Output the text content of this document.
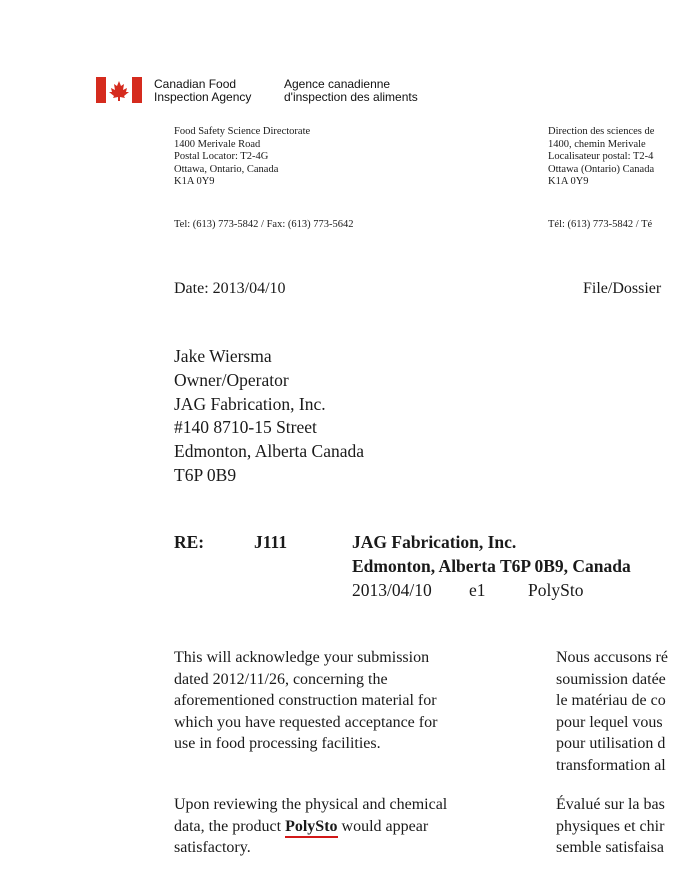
Canadian Food
Inspection Agency
Agence canadienne
d'inspection des aliments
Food Safety Science Directorate
1400 Merivale Road
Postal Locator: T2-4G
Ottawa, Ontario, Canada
K1A 0Y9
Tel: (613) 773-5842 / Fax: (613) 773-5642
Direction des sciences de
1400, chemin Merivale
Localisateur postal: T2-4
Ottawa (Ontario) Canada
K1A 0Y9
Tél: (613) 773-5842 / Té
Date: 2013/04/10	File/Dossier
Jake Wiersma
Owner/Operator
JAG Fabrication, Inc.
#140 8710-15 Street
Edmonton, Alberta Canada
T6P 0B9
RE:	J111	JAG Fabrication, Inc.
Edmonton, Alberta T6P 0B9, Canada
2013/04/10 e1 PolySto
This will acknowledge your submission
dated 2012/11/26, concerning the
aforementioned construction material for
which you have requested acceptance for
use in food processing facilities.
Nous accusons ré
soumission datée
le matériau de co
pour lequel vous
pour utilisation d
transformation al
Upon reviewing the physical and chemical
data, the product PolySto would appear
satisfactory.
Évalué sur la bas
physiques et chir
semble satisfaisa
